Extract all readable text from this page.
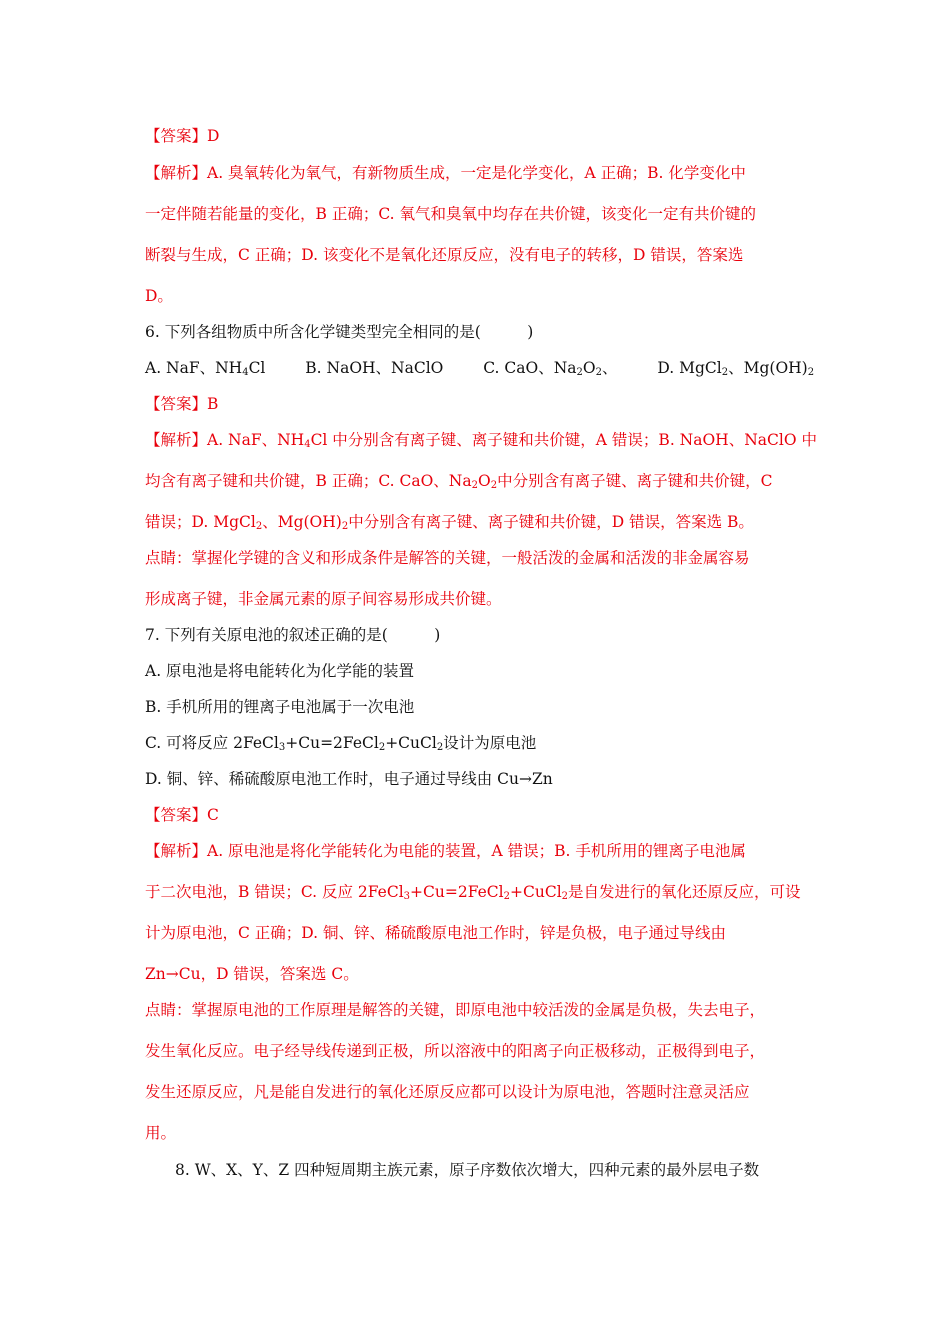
【答案】D
【解析】A. 臭氧转化为氧气，有新物质生成，一定是化学变化，A 正确；B. 化学变化中
一定伴随若能量的变化，B 正确；C. 氧气和臭氧中均存在共价键，该变化一定有共价键的
断裂与生成，C 正确；D. 该变化不是氧化还原反应，没有电子的转移，D 错误，答案选
D。
6. 下列各组物质中所含化学键类型完全相同的是(　　　)
A. NaF、$NH_4Cl$	B. NaOH、NaClO	C. CaO、$Na_2O_2$、	D. MgCl$_2$、$Mg(OH)_2$
【答案】B
【解析】A. NaF、$NH_4Cl$ 中分别含有离子键、离子键和共价键，A 错误；B. NaOH、NaClO 中
均含有离子键和共价键，B 正确；C. CaO、$Na_2O_2$中分别含有离子键、离子键和共价键，C
错误；D. MgCl$_2$、$Mg(OH)_2$中分别含有离子键、离子键和共价键，D 错误，答案选 B。
点睛：掌握化学键的含义和形成条件是解答的关键，一般活泼的金属和活泼的非金属容易
形成离子键，非金属元素的原子间容易形成共价键。
7. 下列有关原电池的叙述正确的是(　　　)
A. 原电池是将电能转化为化学能的装置
B. 手机所用的锂离子电池属于一次电池
C. 可将反应 2FeCl$_3$+Cu=2FeCl$_2$+CuCl$_2$设计为原电池
D. 铜、锌、稀硫酸原电池工作时，电子通过导线由 Cu→Zn
【答案】C
【解析】A. 原电池是将化学能转化为电能的装置，A 错误；B. 手机所用的锂离子电池属
于二次电池，B 错误；C. 反应 2FeCl$_3$+Cu=2FeCl$_2$+CuCl$_2$是自发进行的氧化还原反应，可设
计为原电池，C 正确；D. 铜、锌、稀硫酸原电池工作时，锌是负极，电子通过导线由
Zn→Cu，D 错误，答案选 C。
点睛：掌握原电池的工作原理是解答的关键，即原电池中较活泼的金属是负极，失去电子，
发生氧化反应。电子经导线传递到正极，所以溶液中的阳离子向正极移动，正极得到电子，
发生还原反应，凡是能自发进行的氧化还原反应都可以设计为原电池，答题时注意灵活应
用。
8. W、X、Y、Z 四种短周期主族元素，原子序数依次增大，四种元素的最外层电子数
